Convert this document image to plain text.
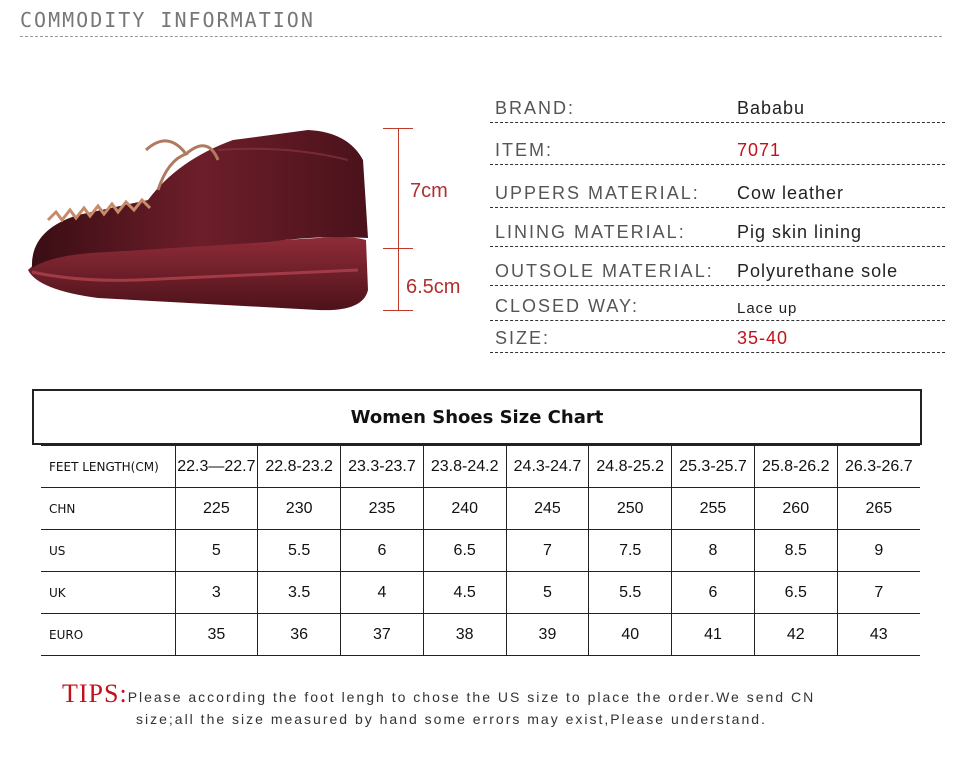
COMMODITY INFORMATION
7cm
6.5cm
BRAND:	Bababu
ITEM:	7071
UPPERS MATERIAL: Cow leather
LINING MATERIAL:	Pig skin lining
OUTSOLE MATERIAL: Polyurethane sole
CLOSED WAY:	Lace up
SIZE:	35-40
Women Shoes Size Chart
FEET LENGTH(CM)	22.3—22.7	22.8-23.2	23.3-23.7	23.8-24.2	24.3-24.7	24.8-25.2	25.3-25.7	25.8-26.2	26.3-26.7
CHN	225	230	235	240	245	250	255	260	265
US	5	5.5	6	6.5	7	7.5	8	8.5	9
UK	3	3.5	4	4.5	5	5.5	6	6.5	7
EURO	35	36	37	38	39	40	41	42	43
TIPS:Please according the foot lengh to chose the US size to place the order.We send CN
size;all the size measured by hand some errors may exist,Please understand.
